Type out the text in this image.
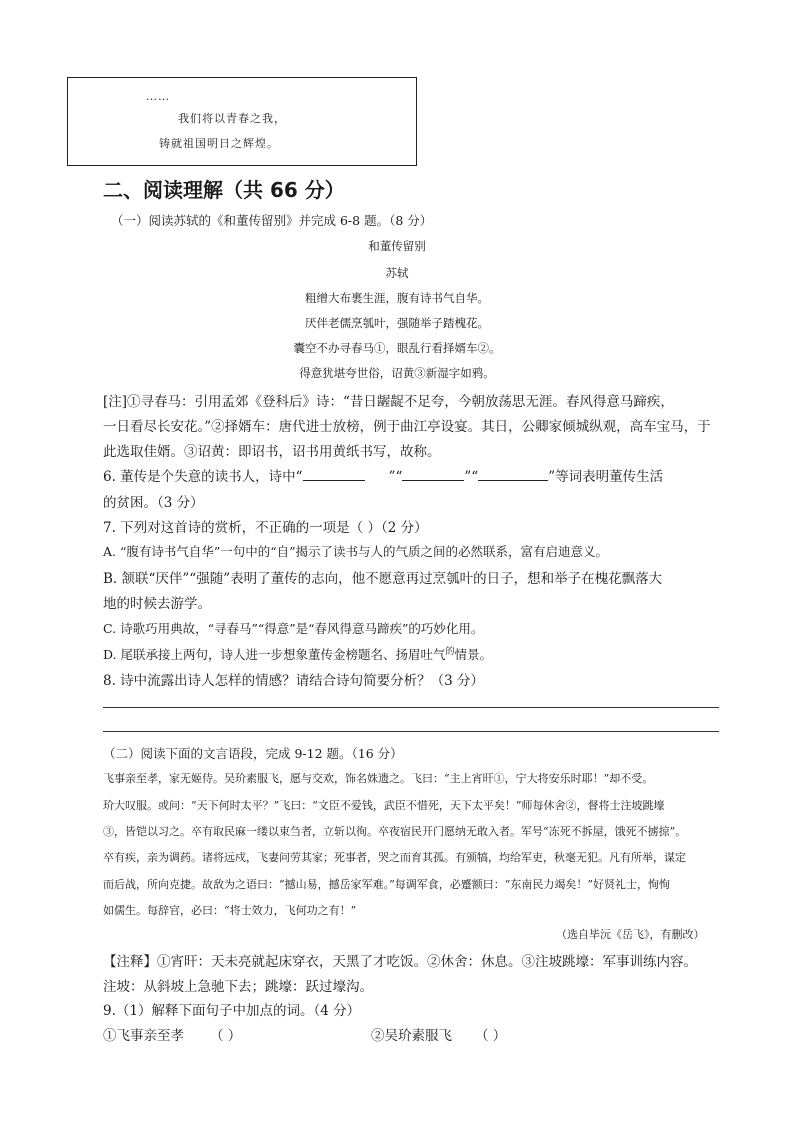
……
我们将以青春之我，
铸就祖国明日之辉煌。
二、阅读理解（共 66 分）
（一）阅读苏轼的《和董传留别》并完成 6-8 题。（8 分）
和董传留别
苏轼
粗缯大布裹生涯，腹有诗书气自华。
厌伴老儒烹瓠叶，强随举子踏槐花。
囊空不办寻春马①，眼乱行看择婿车②。
得意犹堪夸世俗，诏黄③新湿字如鸦。
[注]①寻春马：引用孟郊《登科后》诗：“昔日龌龊不足夸，今朝放荡思无涯。春风得意马蹄疾，
一日看尽长安花。”②择婿车：唐代进士放榜，例于曲江亭设宴。其日，公卿家倾城纵观，高车宝马，于
此选取佳婿。③诏黄：即诏书，诏书用黄纸书写，故称。
6. 董传是个失意的读书人，诗中“	”“	”“	”等词表明董传生活
的贫困。（3 分）
7. 下列对这首诗的赏析，不正确的一项是（ ）（2 分）
A. “腹有诗书气自华”一句中的“自”揭示了读书与人的气质之间的必然联系，富有启迪意义。
B. 颔联“厌伴”“强随”表明了董传的志向，他不愿意再过烹瓠叶的日子，想和举子在槐花飘落大
地的时候去游学。
C. 诗歌巧用典故，“寻春马”“得意”是“春风得意马蹄疾”的巧妙化用。
D. 尾联承接上两句，诗人进一步想象董传金榜题名、扬眉吐气$^的$情景。
8. 诗中流露出诗人怎样的情感？请结合诗句简要分析？（3 分）
（二）阅读下面的文言语段，完成 9-12 题。（16 分）
飞事亲至孝，家无姬侍。吴玠素服飞，愿与交欢，饰名姝遗之。飞曰：“主上宵旰①，宁大将安乐时耶！”却不受。
玠大叹服。或问：“天下何时太平？”飞曰：“文臣不爱钱，武臣不惜死，天下太平矣！”师每休舍②，督将士注坡跳壕
③，皆铠以习之。卒有取民麻一缕以束刍者，立斩以徇。卒夜宿民开门愿纳无敢入者。军号“冻死不拆屋，饿死不掳掠”。
卒有疾，亲为调药。诸将远戍，飞妻问劳其家；死事者，哭之而育其孤。有颁犒，均给军吏，秋毫无犯。凡有所举，谋定
而后战，所向克捷。故敌为之语曰：“撼山易，撼岳家军难。”每调军食，必蹙额曰：“东南民力竭矣！”好贤礼士，恂恂
如儒生。每辞官，必曰：“将士效力，飞何功之有！”
（选自毕沅《岳飞》，有删改）
【注释】①宵旰：天未亮就起床穿衣，天黑了才吃饭。②休舍：休息。③注坡跳壕：军事训练内容。
注坡：从斜坡上急驰下去；跳壕：跃过壕沟。
9.（1）解释下面句子中加点的词。（4 分）
①飞事亲至孝 （ ）	②吴玠素服飞 （ ）
